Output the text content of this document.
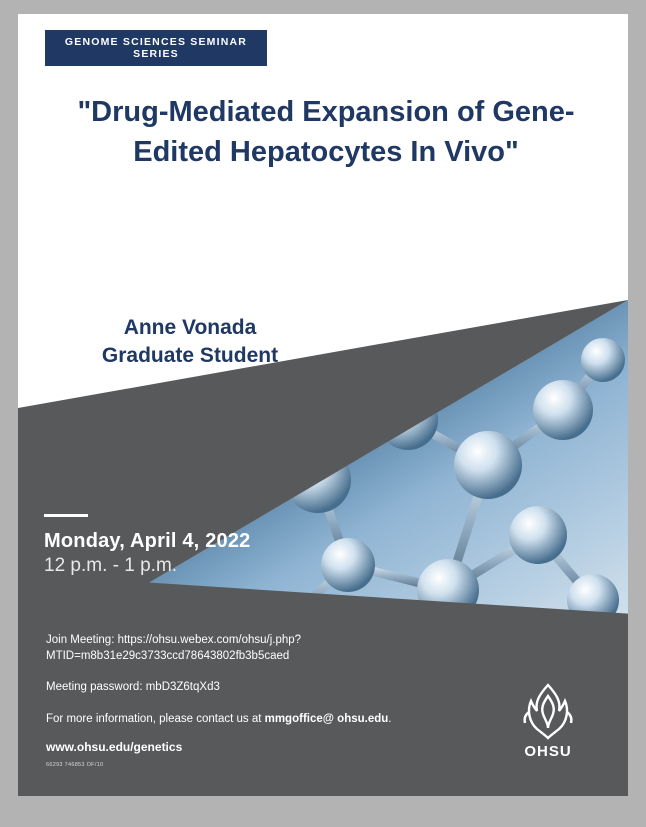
GENOME SCIENCES SEMINAR SERIES
"Drug-Mediated Expansion of Gene-Edited Hepatocytes In Vivo"
Anne Vonada
Graduate Student
Monday, April 4, 2022
12 p.m. - 1 p.m.
Join Meeting: https://ohsu.webex.com/ohsu/j.php?
MTID=m8b31e29c3733ccd78643802fb3b5caed
Meeting password: mbD3Z6tqXd3
For more information, please contact us at mmgoffice@ ohsu.edu.
www.ohsu.edu/genetics
66293 746853 OF/10
OHSU
